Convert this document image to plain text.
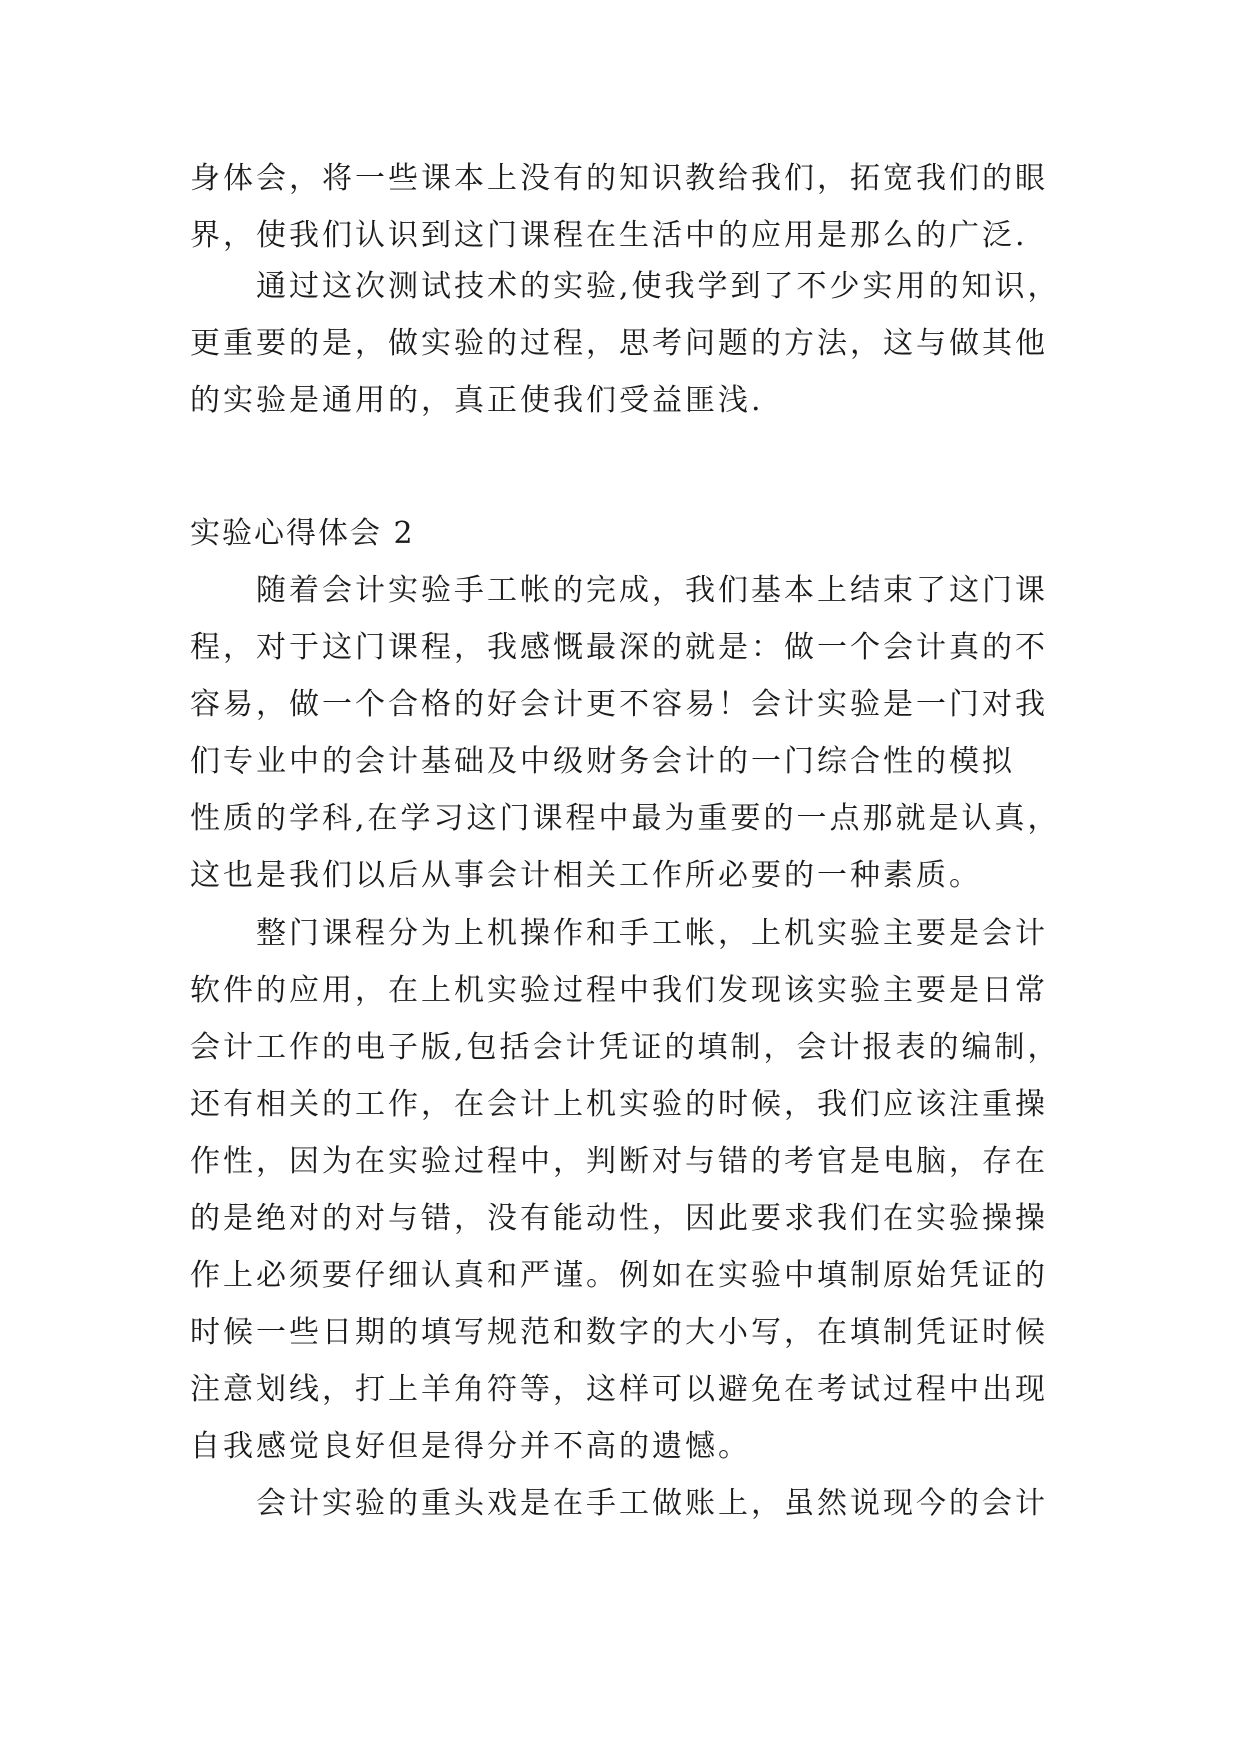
身体会，将一些课本上没有的知识教给我们，拓宽我们的眼
界，使我们认识到这门课程在生活中的应用是那么的广泛.
通过这次测试技术的实验,使我学到了不少实用的知识，
更重要的是，做实验的过程，思考问题的方法，这与做其他
的实验是通用的，真正使我们受益匪浅.
实验心得体会 2
随着会计实验手工帐的完成，我们基本上结束了这门课
程，对于这门课程，我感慨最深的就是：做一个会计真的不
容易，做一个合格的好会计更不容易！会计实验是一门对我
们专业中的会计基础及中级财务会计的一门综合性的模拟
性质的学科,在学习这门课程中最为重要的一点那就是认真，
这也是我们以后从事会计相关工作所必要的一种素质。
整门课程分为上机操作和手工帐，上机实验主要是会计
软件的应用，在上机实验过程中我们发现该实验主要是日常
会计工作的电子版,包括会计凭证的填制，会计报表的编制，
还有相关的工作，在会计上机实验的时候，我们应该注重操
作性，因为在实验过程中，判断对与错的考官是电脑，存在
的是绝对的对与错，没有能动性，因此要求我们在实验操操
作上必须要仔细认真和严谨。例如在实验中填制原始凭证的
时候一些日期的填写规范和数字的大小写，在填制凭证时候
注意划线，打上羊角符等，这样可以避免在考试过程中出现
自我感觉良好但是得分并不高的遗憾。
会计实验的重头戏是在手工做账上，虽然说现今的会计
